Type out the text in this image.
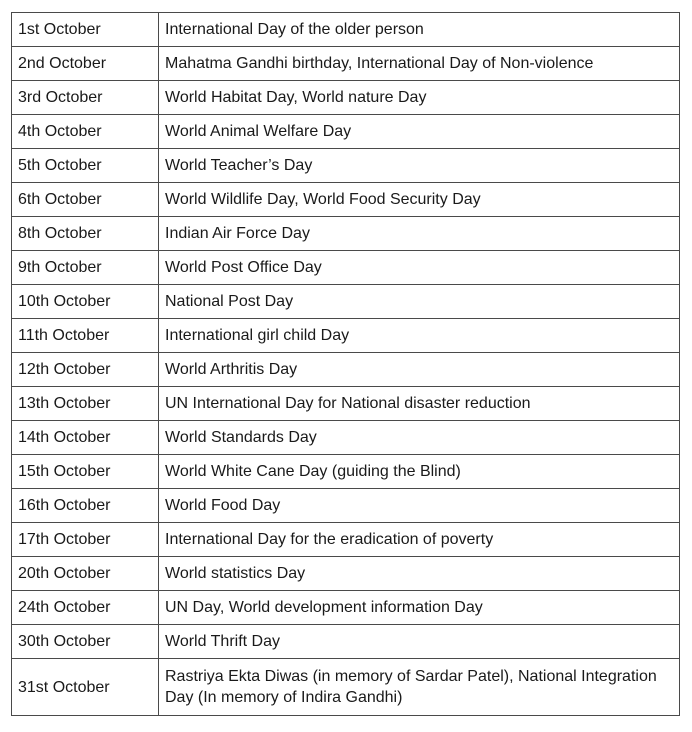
1st October	International Day of the older person
2nd October	Mahatma Gandhi birthday, International Day of Non-violence
3rd October	World Habitat Day, World nature Day
4th October	World Animal Welfare Day
5th October	World Teacher’s Day
6th October	World Wildlife Day, World Food Security Day
8th October	Indian Air Force Day
9th October	World Post Office Day
10th October	National Post Day
11th October	International girl child Day
12th October	World Arthritis Day
13th October	UN International Day for National disaster reduction
14th October	World Standards Day
15th October	World White Cane Day (guiding the Blind)
16th October	World Food Day
17th October	International Day for the eradication of poverty
20th October	World statistics Day
24th October	UN Day, World development information Day
30th October	World Thrift Day
31st October	Rastriya Ekta Diwas (in memory of Sardar Patel), National Integration Day (In memory of Indira Gandhi)
